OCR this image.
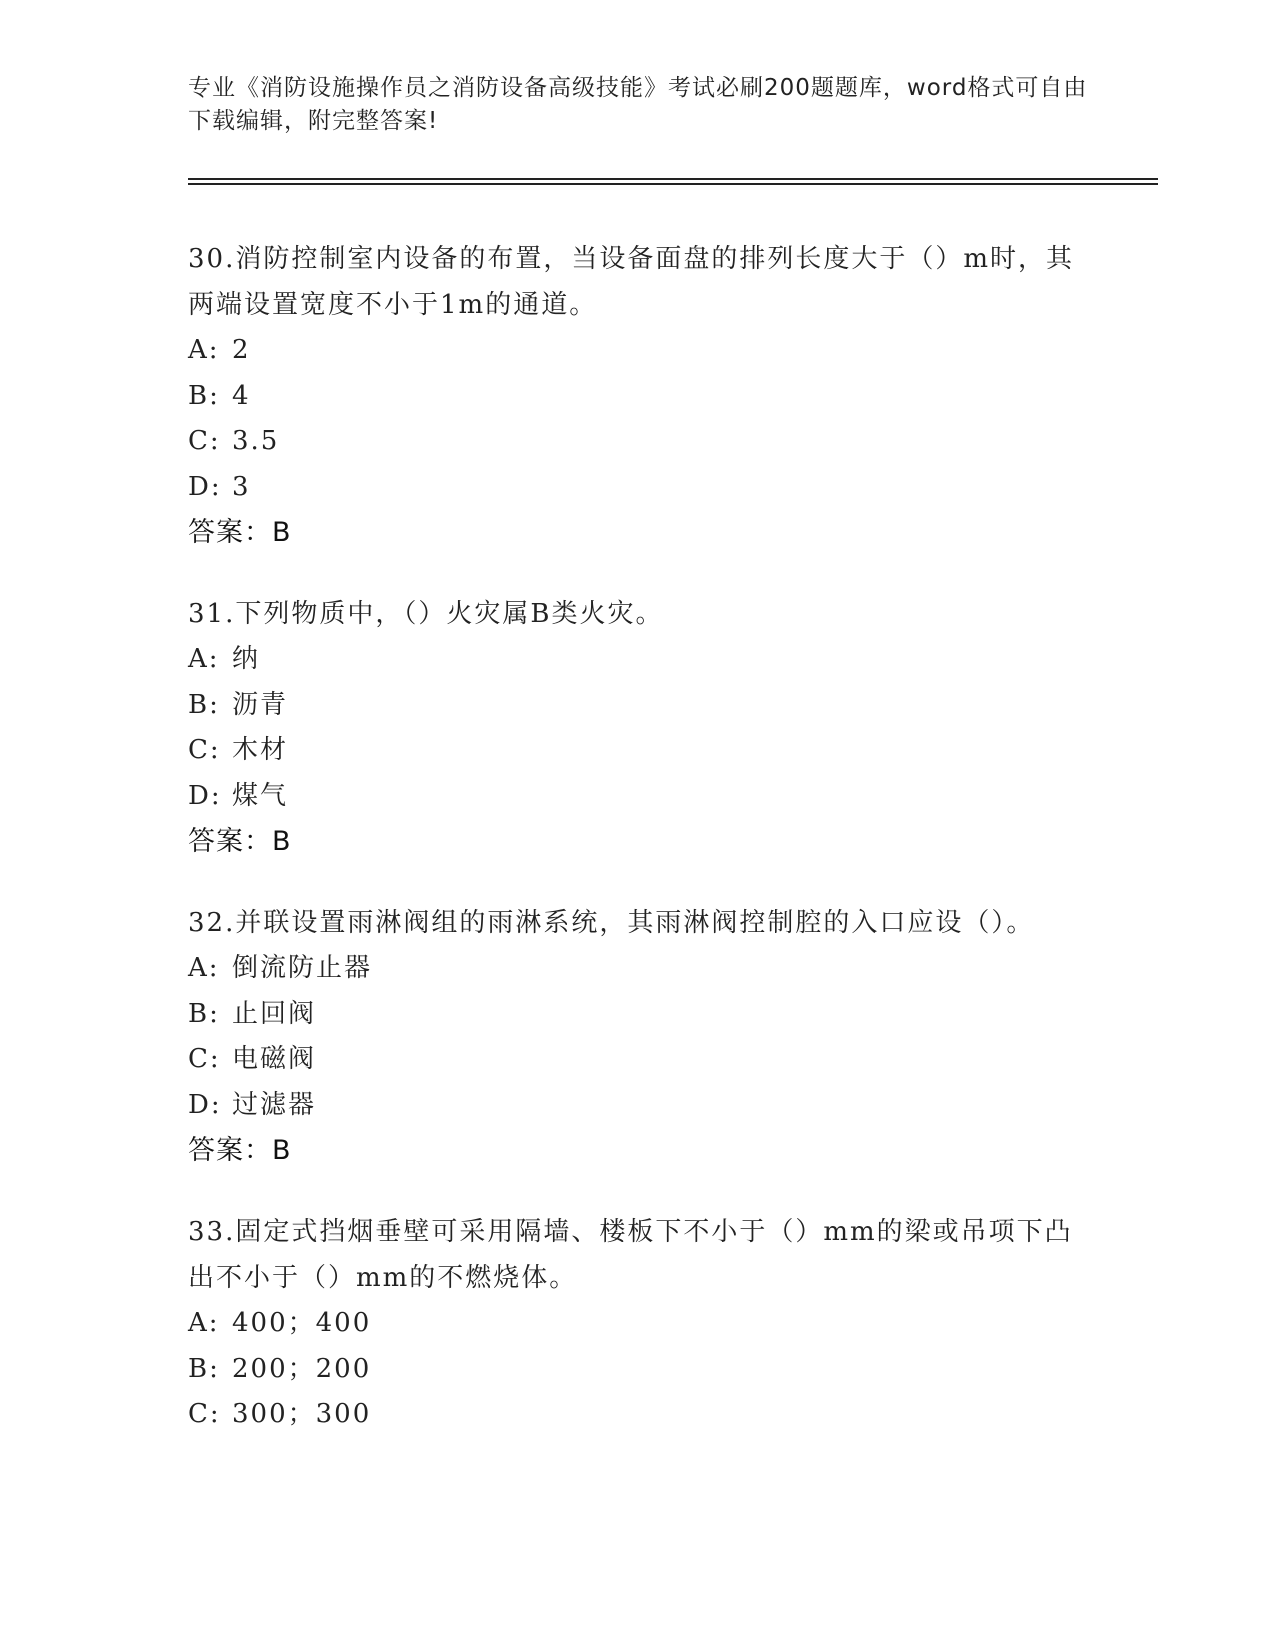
专业《消防设施操作员之消防设备高级技能》考试必刷200题题库，word格式可自由下载编辑，附完整答案!

30.消防控制室内设备的布置，当设备面盘的排列长度大于（）m时，其两端设置宽度不小于1m的通道。

A: 2

B: 4

C: 3.5

D: 3

答案：B

31.下列物质中，（）火灾属B类火灾。

A: 纳

B: 沥青

C: 木材

D: 煤气

答案：B

32.并联设置雨淋阀组的雨淋系统，其雨淋阀控制腔的入口应设（）。

A: 倒流防止器

B: 止回阀

C: 电磁阀

D: 过滤器

答案：B

33.固定式挡烟垂壁可采用隔墙、楼板下不小于（）mm的梁或吊项下凸出不小于（）mm的不燃烧体。

A: 400；400

B: 200；200

C: 300；300
